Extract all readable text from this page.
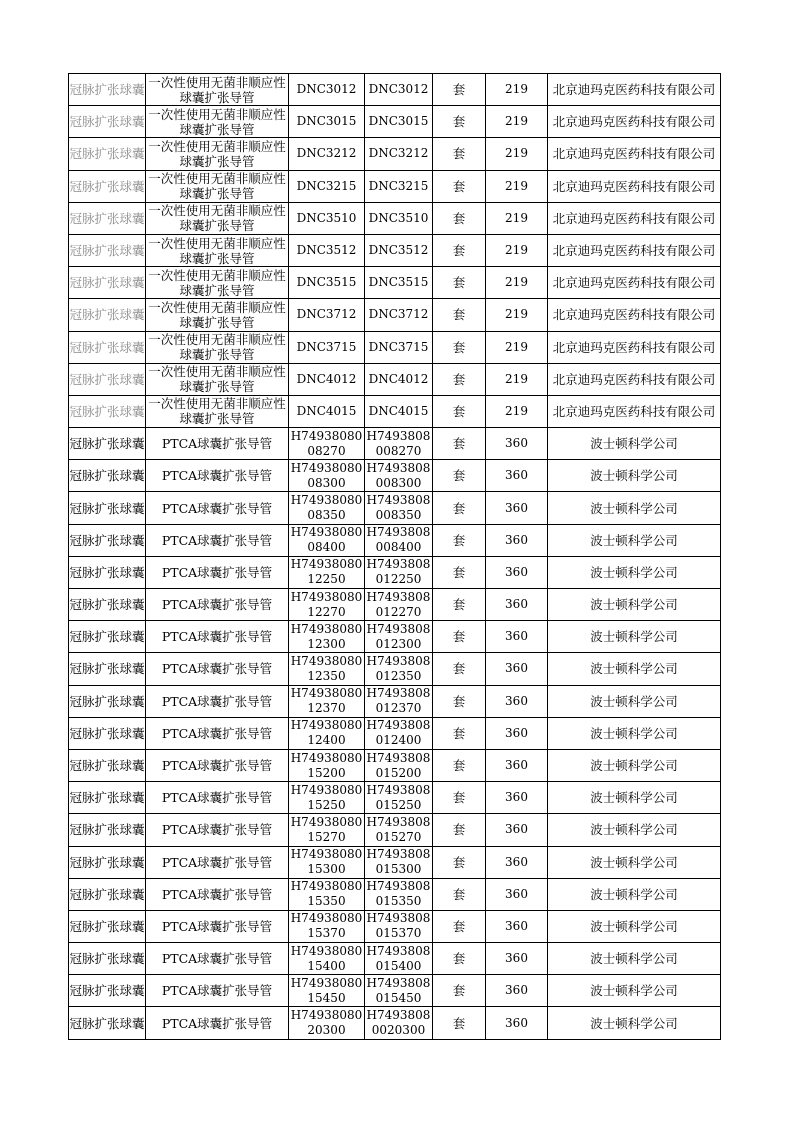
冠脉扩张球囊	一次性使用无菌非顺应性球囊扩张导管	DNC3012	DNC3012	套	219	北京迪玛克医药科技有限公司
冠脉扩张球囊	一次性使用无菌非顺应性球囊扩张导管	DNC3015	DNC3015	套	219	北京迪玛克医药科技有限公司
冠脉扩张球囊	一次性使用无菌非顺应性球囊扩张导管	DNC3212	DNC3212	套	219	北京迪玛克医药科技有限公司
冠脉扩张球囊	一次性使用无菌非顺应性球囊扩张导管	DNC3215	DNC3215	套	219	北京迪玛克医药科技有限公司
冠脉扩张球囊	一次性使用无菌非顺应性球囊扩张导管	DNC3510	DNC3510	套	219	北京迪玛克医药科技有限公司
冠脉扩张球囊	一次性使用无菌非顺应性球囊扩张导管	DNC3512	DNC3512	套	219	北京迪玛克医药科技有限公司
冠脉扩张球囊	一次性使用无菌非顺应性球囊扩张导管	DNC3515	DNC3515	套	219	北京迪玛克医药科技有限公司
冠脉扩张球囊	一次性使用无菌非顺应性球囊扩张导管	DNC3712	DNC3712	套	219	北京迪玛克医药科技有限公司
冠脉扩张球囊	一次性使用无菌非顺应性球囊扩张导管	DNC3715	DNC3715	套	219	北京迪玛克医药科技有限公司
冠脉扩张球囊	一次性使用无菌非顺应性球囊扩张导管	DNC4012	DNC4012	套	219	北京迪玛克医药科技有限公司
冠脉扩张球囊	一次性使用无菌非顺应性球囊扩张导管	DNC4015	DNC4015	套	219	北京迪玛克医药科技有限公司
冠脉扩张球囊	PTCA球囊扩张导管	H7493808008270	H7493808008270	套	360	波士顿科学公司
冠脉扩张球囊	PTCA球囊扩张导管	H7493808008300	H7493808008300	套	360	波士顿科学公司
冠脉扩张球囊	PTCA球囊扩张导管	H7493808008350	H7493808008350	套	360	波士顿科学公司
冠脉扩张球囊	PTCA球囊扩张导管	H7493808008400	H7493808008400	套	360	波士顿科学公司
冠脉扩张球囊	PTCA球囊扩张导管	H7493808012250	H7493808012250	套	360	波士顿科学公司
冠脉扩张球囊	PTCA球囊扩张导管	H7493808012270	H7493808012270	套	360	波士顿科学公司
冠脉扩张球囊	PTCA球囊扩张导管	H7493808012300	H7493808012300	套	360	波士顿科学公司
冠脉扩张球囊	PTCA球囊扩张导管	H7493808012350	H7493808012350	套	360	波士顿科学公司
冠脉扩张球囊	PTCA球囊扩张导管	H7493808012370	H7493808012370	套	360	波士顿科学公司
冠脉扩张球囊	PTCA球囊扩张导管	H7493808012400	H7493808012400	套	360	波士顿科学公司
冠脉扩张球囊	PTCA球囊扩张导管	H7493808015200	H7493808015200	套	360	波士顿科学公司
冠脉扩张球囊	PTCA球囊扩张导管	H7493808015250	H7493808015250	套	360	波士顿科学公司
冠脉扩张球囊	PTCA球囊扩张导管	H7493808015270	H7493808015270	套	360	波士顿科学公司
冠脉扩张球囊	PTCA球囊扩张导管	H7493808015300	H7493808015300	套	360	波士顿科学公司
冠脉扩张球囊	PTCA球囊扩张导管	H7493808015350	H7493808015350	套	360	波士顿科学公司
冠脉扩张球囊	PTCA球囊扩张导管	H7493808015370	H7493808015370	套	360	波士顿科学公司
冠脉扩张球囊	PTCA球囊扩张导管	H7493808015400	H7493808015400	套	360	波士顿科学公司
冠脉扩张球囊	PTCA球囊扩张导管	H7493808015450	H7493808015450	套	360	波士顿科学公司
冠脉扩张球囊	PTCA球囊扩张导管	H7493808020300	H74938080020300	套	360	波士顿科学公司
